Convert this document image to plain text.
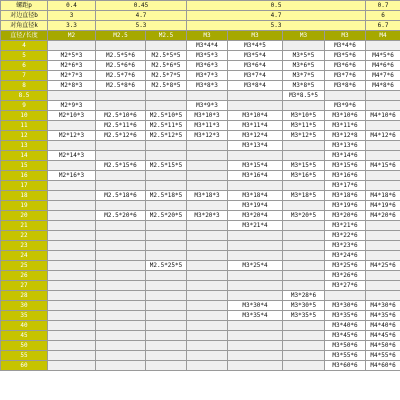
螺距p	0.4	0.45		0.5				0.7
对边直径b	3	4.7		4.7				6
对角直径k	3.3	5.3		5.3				6.7
直径/长度	M2	M2.5	M2.5	M3	M3	M3	M3	M4
4				M3*4*4	M3*4*5		M3*4*6	
5	M2*5*3	M2.5*5*6	M2.5*5*5	M3*5*3	M3*5*4	M3*5*5	M3*5*6	M4*5*6
6	M2*6*3	M2.5*6*6	M2.5*6*5	M3*6*3	M3*6*4	M3*6*5	M3*6*6	M4*6*6
7	M2*7*3	M2.5*7*6	M2.5*7*5	M3*7*3	M3*7*4	M3*7*5	M3*7*6	M4*7*6
8	M2*8*3	M2.5*8*6	M2.5*8*5	M3*8*3	M3*8*4	M3*8*5	M3*8*6	M4*8*6
8.5						M3*8.5*5		
9	M2*9*3			M3*9*3			M3*9*6	
10	M2*10*3	M2.5*10*6	M2.5*10*5	M3*10*3	M3*10*4	M3*10*5	M3*10*6	M4*10*6
11		M2.5*11*6	M2.5*11*5	M3*11*3	M3*11*4	M3*11*5	M3*11*6	
12	M2*12*3	M2.5*12*6	M2.5*12*5	M3*12*3	M3*12*4	M3*12*5	M3*12*8	M4*12*6
13					M3*13*4		M3*13*6	
14	M2*14*3						M3*14*6	
15		M2.5*15*6	M2.5*15*5		M3*15*4	M3*15*5	M3*15*6	M4*15*6
16	M2*16*3				M3*16*4	M3*16*5	M3*16*6	
17							M3*17*6	
18		M2.5*18*6	M2.5*18*5	M3*18*3	M3*18*4	M3*18*5	M3*18*6	M4*18*6
19					M3*19*4		M3*19*6	M4*19*6
20		M2.5*20*6	M2.5*20*5	M3*20*3	M3*20*4	M3*20*5	M3*20*6	M4*20*6
21					M3*21*4		M3*21*6	
22							M3*22*6	
23							M3*23*6	
24							M3*24*6	
25			M2.5*25*5		M3*25*4		M3*25*6	M4*25*6
26							M3*26*6	
27							M3*27*6	
28						M3*28*6		
30					M3*30*4	M3*30*5	M3*30*6	M4*30*6
35					M3*35*4	M3*35*5	M3*35*6	M4*35*6
40							M3*40*6	M4*40*6
45							M3*45*6	M4*45*6
50							M3*50*6	M4*50*6
55							M3*55*6	M4*55*6
60							M3*60*6	M4*60*6
